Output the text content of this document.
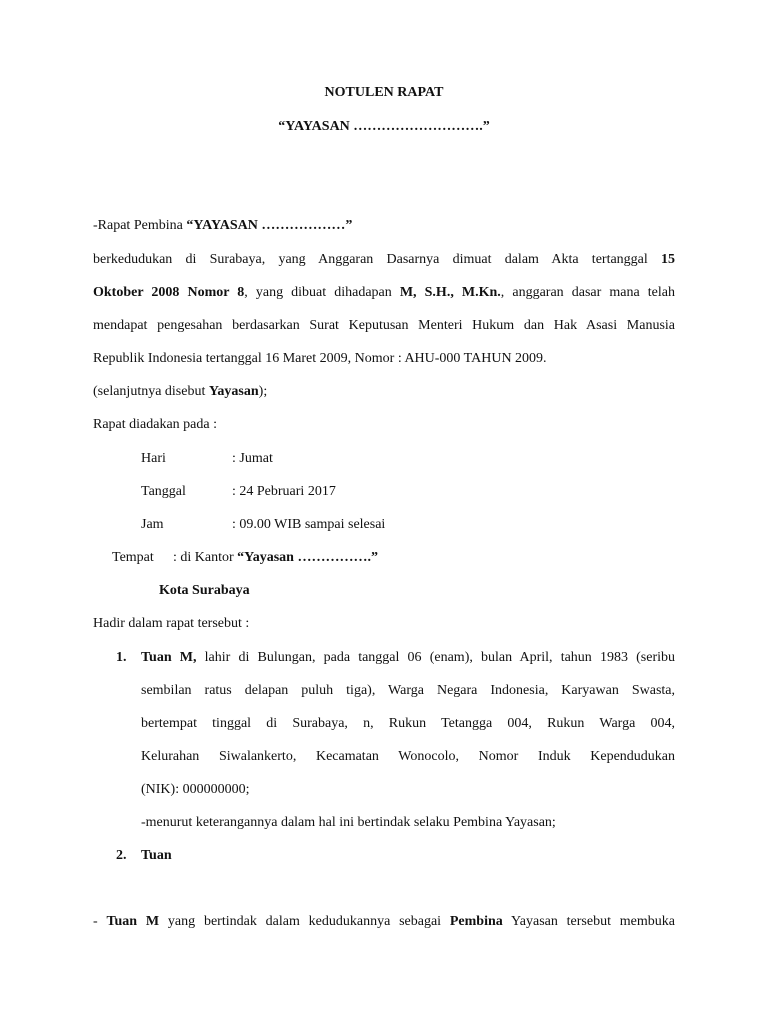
NOTULEN RAPAT
“YAYASAN ……………………….”
-Rapat Pembina “YAYASAN ………………”
berkedudukan di Surabaya, yang Anggaran Dasarnya dimuat dalam Akta tertanggal 15
Oktober 2008 Nomor 8, yang dibuat dihadapan M, S.H., M.Kn., anggaran dasar mana telah
mendapat pengesahan berdasarkan Surat Keputusan Menteri Hukum dan Hak Asasi Manusia
Republik Indonesia tertanggal 16 Maret 2009, Nomor : AHU-000 TAHUN 2009.
(selanjutnya disebut Yayasan);
Rapat diadakan pada :
Hari	: Jumat
Tanggal	: 24 Pebruari 2017
Jam	: 09.00 WIB sampai selesai
Tempat : di Kantor “Yayasan …………….”
Kota Surabaya
Hadir dalam rapat tersebut :
1. Tuan M, lahir di Bulungan, pada tanggal 06 (enam), bulan April, tahun 1983 (seribu
sembilan ratus delapan puluh tiga), Warga Negara Indonesia, Karyawan Swasta,
bertempat tinggal di Surabaya, n, Rukun Tetangga 004, Rukun Warga 004,
Kelurahan Siwalankerto, Kecamatan Wonocolo, Nomor Induk Kependudukan
(NIK): 000000000;
-menurut keterangannya dalam hal ini bertindak selaku Pembina Yayasan;
2. Tuan
- Tuan M yang bertindak dalam kedudukannya sebagai Pembina Yayasan tersebut membuka
